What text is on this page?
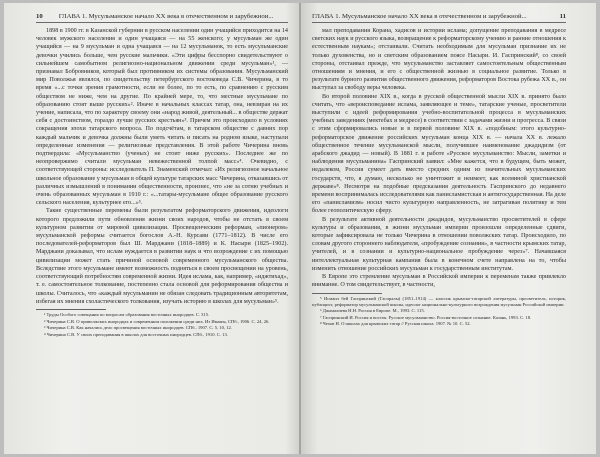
10 ГЛАВА 1. Мусульманское начало XX века в отечественном и зарубежнои...

1898 в 1900 гг. в Казанской губернии в русском населении один учащийся приходится на 14 человек мужского населения и один учащаяся — на 55 женского; у мусульман же один учащийся — на 9 мусульман и одна учащаяся — на 12 мусульманок, то есть мусульманские девочки учились больше, чем русские мальчики. «Эти цифры бесспорно свидетельствуют о сильнейшем самобытном религиозно-национальном движении среди мусульман»¹, — признавал Бобровников, который был противником их системы образования. Мусульманский мир Поволжья являлся, по свидетельству петербургского востоковеда С.В. Чичерина, в то время «...с точки зрения грамотности, если не более, по то есть, по сравнению с русским обществом не ниже, чем на другие. По крайней мере, то, что местные мусульмане по образованию стоят выше русских»². Иначе в начальных классах татар, она, невзирая на их учение, написала, что по характеру своему они «народ живой, деятельный... в обществе держат себя с достоинством, гораздо лучше русских крестьян»³. Причем это происходило в условиях сокращения эпохи татарского вопроса. По подсчётам, в татарском обществе с давних пор каждый мальчик и девочка должны были уметь читать и писать на родном языке, наступали определенные изменения — религиозные представления. В этой работе Чичерина вновь подтвердила: «Мусульманство (ученых) не стоит ниже русских». Последнее же по неопровержимо считали мусульман невежественной толпой масс»⁴. Очевидно, с соответствующей стороны: исследователь П. Знаменский отмечал: «Их религиозное начальное школьное образование у мусульман в общей культуре татарских масс Чичерина, отказавшись от различных измышлений в понимании общественности, произнес, что «не за сотню учебных и очень образованных мусульман в 1910 г.: «...татары-мусульмане общее образование русского сельского населения, культурнее его...»⁵.

Такие существенные перемены были результатом реформаторского движения, идеологи которого предложили пути обновления жизни своих народов, чтобы не отстать в своем культурном развитии от мировой цивилизации. Просвещенческим реформам, «пионером» мусульманской реформы считается богослов А.-Н. Курсави (1771–1812). В числе его последователей-реформаторов был Ш. Марджани (1818–1889) и К. Насыри (1825–1902). Марджани доказывал, что ислам нуждается в развитии наук и что возрождение с их помощью цивилизации может стать причиной основой современного мусульманского общества. Вследствие этого мусульмане имеют возможность подняться в своем просвещении на уровень, соответствующий потребностям современной жизни. Идея ислама, как, например, «иджтихад», т. е. самостоятельное толкование, постепенно стала основой для реформирования общества и школы. Считалось, что «каждый мусульманин не обязан следовать традиционным авторитетам, избегая их мнения схоластического толкования, изучать историю в школах для мусульман»⁵.

¹ Труды Особого совещания по вопросам образования восточных инородцев. С. 315.

² Чичерина С.В. О приволжских инородцах и современном положении среди них. Из Имамы, СПб., 1906. С. 24, 26.

³ Чичерина С.В. Как начались дело просвещения восточных инородцев. СПб., 1907. С. 5, 10, 12.

⁴ Чичерина С.В. У своих преподавания в школах для восточных инородцев. СПб., 1910. С. 13.

ГЛАВА 1. Мусульманское начало XX века в отечественном и зарубежной...	11

мал преподавания Корана, хадисов и истории ислама; допущение преподавания в медресе светских наук и русского языка, возвращение к реформаторскому учению и ранние отношения к естественным наукам»; отстаивали. Считать необходимым для мусульман признание их не только духовенства, но и светским образованием поясе Насыри. И. Гаспринский⁸, со своей стороны, отстаивал прежде, что мусульманство заставляет самостоятельным общественным отношениям и мнения, и его с общественной жизнью в социальное развитие. Только в результате бурного развития общественного движения, реформаторов Востока рубежа XX в., он выступал за свободу веры человека.

Во второй половине XIX в., когда в русской общественной мысли XIX в. принято было считать, что «вероисповедание ислама, заявляющее и теме», татарские ученые, просветители выступили с идеей реформирования учебно-воспитательной процесса в мусульманских учебных заведениях (мектебах и медресе) в соответствии с задачами жизни и прогресса. В связи с этим сформировались новые и в первой половине XIX в. «подобным: этого культурно-реформаторское движение российских мусульман конца XIX в. — начала XX в. лежало общественное течение мусульманской мысли, получившее наименование джадидизм (от арабского джадид — новый). В 1881 г. в работе «Русское мусульманство: Мысли, заметки и наблюдения мусульманина» Гаспринский заявил: «Мне кажется, что в будущем, быть может, недалеком, Россия сумеет дать вместо средних одним из значительных мусульманских государств, что, я думаю, несколько не уничтожит и неимеет, как всеминой христианской державе»⁸. Несмотря на подобные предсказания деятельность Гаспринского до недавнего времени воспринималась исследователями как панисламистская и антигосударственная. На деле его «панисламизм» носил чисто культурную направленность, не затрагивая политику и тем более геополитическую сферу.

В результате активной деятельности джадидов, мусульманство просветителей в сфере культуры и образования, в жизни мусульман империи произошли определенные сдвиги, которые зафиксировала не только Чичерина в отношении поволжских татар. Происходило, по словам другого стороннего наблюдателя, «пробуждение сознания», в частности крымских татар, учителей, и в сознании и культурно-национальное пробуждение через»⁷. Начавшаяся интеллектуальная культурная кампания была в конечном счете направлена на то, чтобы изменить отношение российских мусульман к государственным институтам.

В Европе это стремление мусульман в Российской империи к переменам также привлекло внимание. О том свидетельствует, в частности,

⁵ Исмаил бей Гаспринский (Гаспралы) (1851–1914) — классик крымско-татарской литературы, просветитель, историк, публицист, реформатор мусульманской школы, идеолог национально-культурного возрождения мусульман Российской империи.

⁶ Джамалиева Н.Н. Россия в Европе. М., 1993. С. 115.

⁷ Гаспринский И. Россия и восток. Русское мусульманство. Россия-восточное сознание. Казань, 1993. С. 18.

⁸ Чехов Н. О школах для крымских татар // Русская школа. 1907. № 10. С. 52.
